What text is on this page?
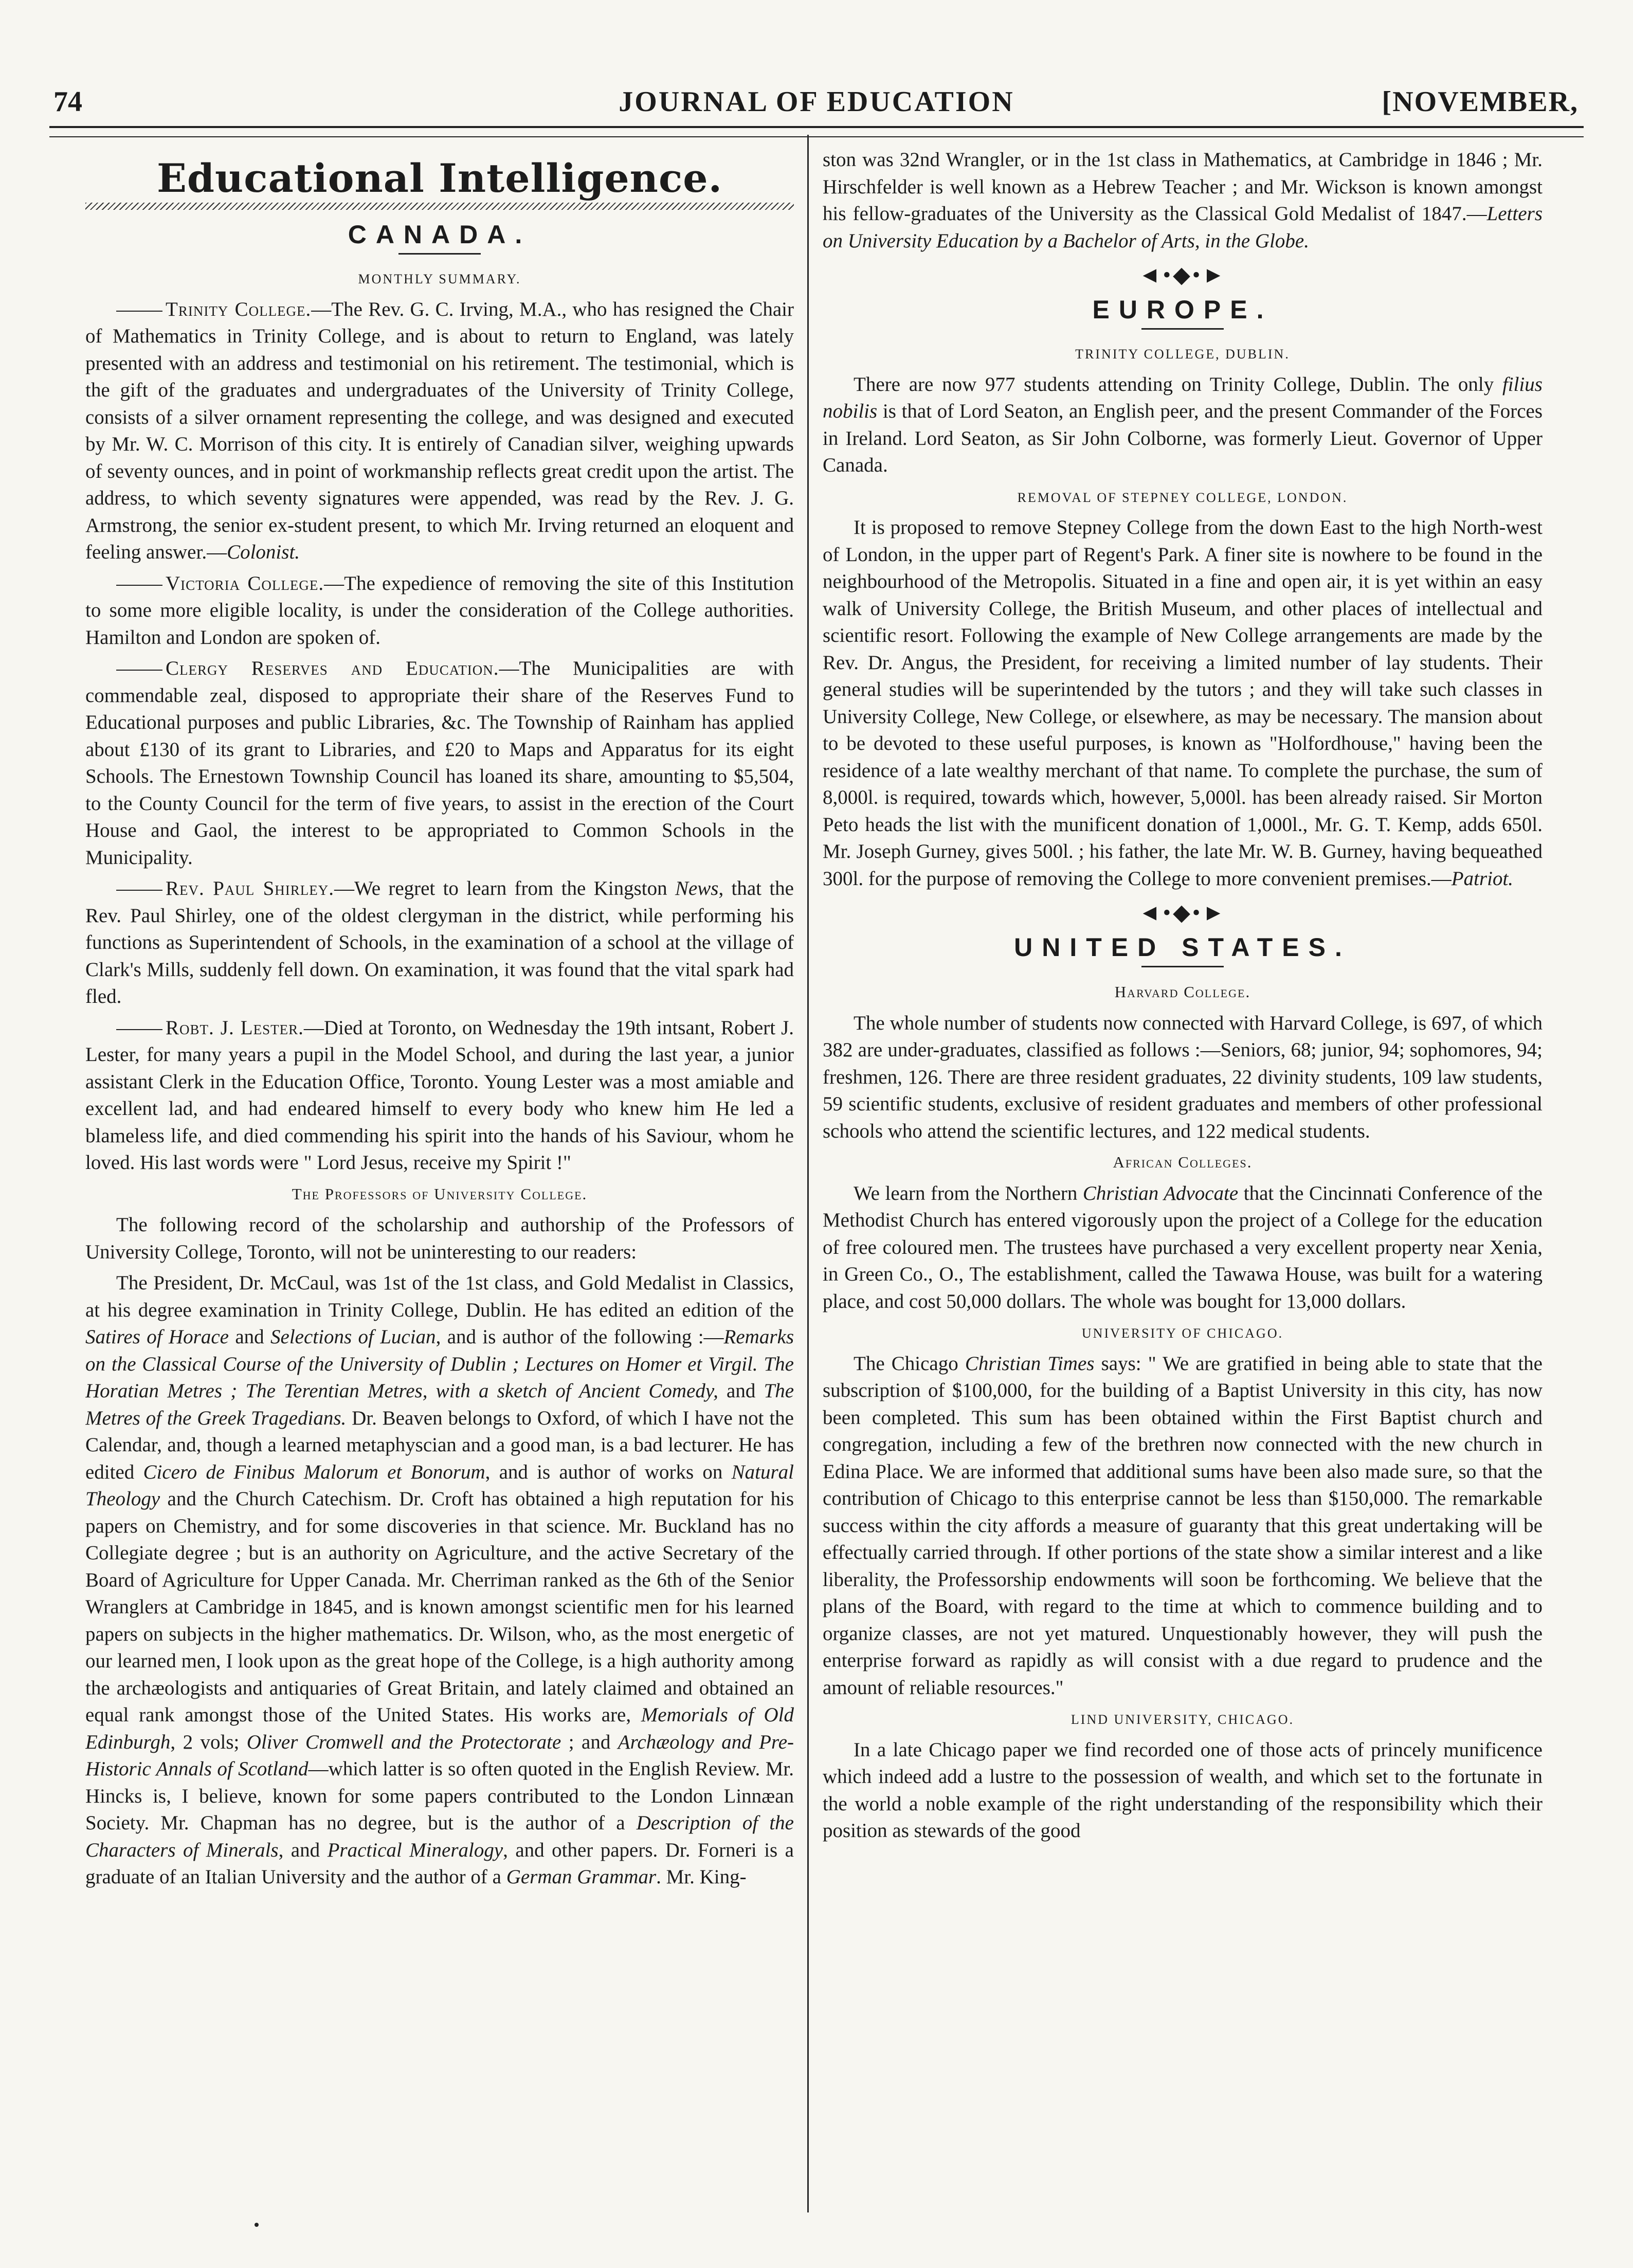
74	JOURNAL OF EDUCATION	[NOVEMBER,
Educational Intelligence.
CANADA.
MONTHLY SUMMARY.

Trinity College.—The Rev. G. C. Irving, M.A., who has resigned the Chair of Mathematics in Trinity College, and is about to return to England, was lately presented with an address and testimonial on his retirement. The testimonial, which is the gift of the graduates and undergraduates of the University of Trinity College, consists of a silver ornament representing the college, and was designed and executed by Mr. W. C. Morrison of this city. It is entirely of Canadian silver, weighing upwards of seventy ounces, and in point of workmanship reflects great credit upon the artist. The address, to which seventy signatures were appended, was read by the Rev. J. G. Armstrong, the senior ex-student present, to which Mr. Irving returned an eloquent and feeling answer.—Colonist.

Victoria College.—The expedience of removing the site of this Institution to some more eligible locality, is under the consideration of the College authorities. Hamilton and London are spoken of.

Clergy Reserves and Education.—The Municipalities are with commendable zeal, disposed to appropriate their share of the Reserves Fund to Educational purposes and public Libraries, &c. The Township of Rainham has applied about £130 of its grant to Libraries, and £20 to Maps and Apparatus for its eight Schools. The Ernestown Township Council has loaned its share, amounting to $5,504, to the County Council for the term of five years, to assist in the erection of the Court House and Gaol, the interest to be appropriated to Common Schools in the Municipality.

Rev. Paul Shirley.—We regret to learn from the Kingston News, that the Rev. Paul Shirley, one of the oldest clergyman in the district, while performing his functions as Superintendent of Schools, in the examination of a school at the village of Clark's Mills, suddenly fell down. On examination, it was found that the vital spark had fled.

Robt. J. Lester.—Died at Toronto, on Wednesday the 19th intsant, Robert J. Lester, for many years a pupil in the Model School, and during the last year, a junior assistant Clerk in the Education Office, Toronto. Young Lester was a most amiable and excellent lad, and had endeared himself to every body who knew him He led a blameless life, and died commending his spirit into the hands of his Saviour, whom he loved. His last words were " Lord Jesus, receive my Spirit !"

The Professors of University College.

The following record of the scholarship and authorship of the Professors of University College, Toronto, will not be uninteresting to our readers:

The President, Dr. McCaul, was 1st of the 1st class, and Gold Medalist in Classics, at his degree examination in Trinity College, Dublin. He has edited an edition of the Satires of Horace and Selections of Lucian, and is author of the following :—Remarks on the Classical Course of the University of Dublin ; Lectures on Homer et Virgil. The Horatian Metres ; The Terentian Metres, with a sketch of Ancient Comedy, and The Metres of the Greek Tragedians. Dr. Beaven belongs to Oxford, of which I have not the Calendar, and, though a learned metaphyscian and a good man, is a bad lecturer. He has edited Cicero de Finibus Malorum et Bonorum, and is author of works on Natural Theology and the Church Catechism. Dr. Croft has obtained a high reputation for his papers on Chemistry, and for some discoveries in that science. Mr. Buckland has no Collegiate degree ; but is an authority on Agriculture, and the active Secretary of the Board of Agriculture for Upper Canada. Mr. Cherriman ranked as the 6th of the Senior Wranglers at Cambridge in 1845, and is known amongst scientific men for his learned papers on subjects in the higher mathematics. Dr. Wilson, who, as the most energetic of our learned men, I look upon as the great hope of the College, is a high authority among the archæologists and antiquaries of Great Britain, and lately claimed and obtained an equal rank amongst those of the United States. His works are, Memorials of Old Edinburgh, 2 vols; Oliver Cromwell and the Protectorate ; and Archæology and Pre-Historic Annals of Scotland—which latter is so often quoted in the English Review. Mr. Hincks is, I believe, known for some papers contributed to the London Linnæan Society. Mr. Chapman has no degree, but is the author of a Description of the Characters of Minerals, and Practical Mineralogy, and other papers. Dr. Forneri is a graduate of an Italian University and the author of a German Grammar. Mr. King-

ston was 32nd Wrangler, or in the 1st class in Mathematics, at Cambridge in 1846 ; Mr. Hirschfelder is well known as a Hebrew Teacher ; and Mr. Wickson is known amongst his fellow-graduates of the University as the Classical Gold Medalist of 1847.—Letters on University Education by a Bachelor of Arts, in the Globe.

◄•◆•►
EUROPE.
TRINITY COLLEGE, DUBLIN.

There are now 977 students attending on Trinity College, Dublin. The only filius nobilis is that of Lord Seaton, an English peer, and the present Commander of the Forces in Ireland. Lord Seaton, as Sir John Colborne, was formerly Lieut. Governor of Upper Canada.

REMOVAL OF STEPNEY COLLEGE, LONDON.

It is proposed to remove Stepney College from the down East to the high North-west of London, in the upper part of Regent's Park. A finer site is nowhere to be found in the neighbourhood of the Metropolis. Situated in a fine and open air, it is yet within an easy walk of University College, the British Museum, and other places of intellectual and scientific resort. Following the example of New College arrangements are made by the Rev. Dr. Angus, the President, for receiving a limited number of lay students. Their general studies will be superintended by the tutors ; and they will take such classes in University College, New College, or elsewhere, as may be necessary. The mansion about to be devoted to these useful purposes, is known as "Holfordhouse," having been the residence of a late wealthy merchant of that name. To complete the purchase, the sum of 8,000l. is required, towards which, however, 5,000l. has been already raised. Sir Morton Peto heads the list with the munificent donation of 1,000l., Mr. G. T. Kemp, adds 650l. Mr. Joseph Gurney, gives 500l. ; his father, the late Mr. W. B. Gurney, having bequeathed 300l. for the purpose of removing the College to more convenient premises.—Patriot.

◄•◆•►
UNITED STATES.
Harvard College.

The whole number of students now connected with Harvard College, is 697, of which 382 are under-graduates, classified as follows :—Seniors, 68; junior, 94; sophomores, 94; freshmen, 126. There are three resident graduates, 22 divinity students, 109 law students, 59 scientific students, exclusive of resident graduates and members of other professional schools who attend the scientific lectures, and 122 medical students.

African Colleges.

We learn from the Northern Christian Advocate that the Cincinnati Conference of the Methodist Church has entered vigorously upon the project of a College for the education of free coloured men. The trustees have purchased a very excellent property near Xenia, in Green Co., O., The establishment, called the Tawawa House, was built for a watering place, and cost 50,000 dollars. The whole was bought for 13,000 dollars.

UNIVERSITY OF CHICAGO.

The Chicago Christian Times says: " We are gratified in being able to state that the subscription of $100,000, for the building of a Baptist University in this city, has now been completed. This sum has been obtained within the First Baptist church and congregation, including a few of the brethren now connected with the new church in Edina Place. We are informed that additional sums have been also made sure, so that the contribution of Chicago to this enterprise cannot be less than $150,000. The remarkable success within the city affords a measure of guaranty that this great undertaking will be effectually carried through. If other portions of the state show a similar interest and a like liberality, the Professorship endowments will soon be forthcoming. We believe that the plans of the Board, with regard to the time at which to commence building and to organize classes, are not yet matured. Unquestionably however, they will push the enterprise forward as rapidly as will consist with a due regard to prudence and the amount of reliable resources."

LIND UNIVERSITY, CHICAGO.

In a late Chicago paper we find recorded one of those acts of princely munificence which indeed add a lustre to the possession of wealth, and which set to the fortunate in the world a noble example of the right understanding of the responsibility which their position as stewards of the good
